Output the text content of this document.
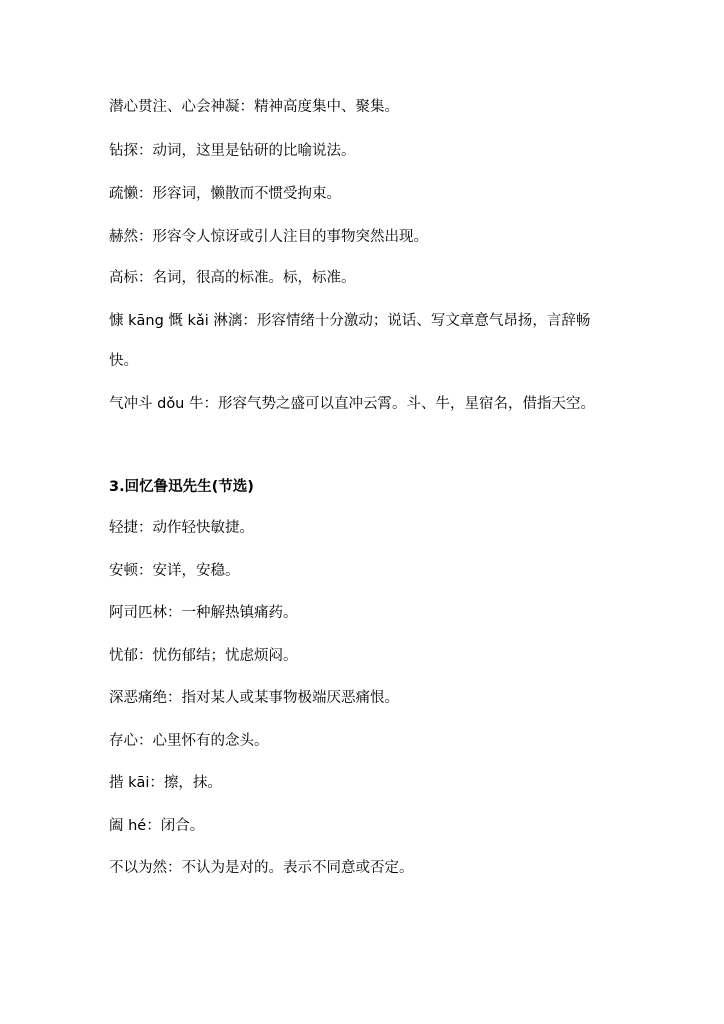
潜心贯注、心会神凝：精神高度集中、聚集。
钻探：动词，这里是钻研的比喻说法。
疏懒：形容词，懒散而不惯受拘束。
赫然：形容令人惊讶或引人注目的事物突然出现。
高标：名词，很高的标准。标，标准。
慷 kāng 慨 kǎi 淋漓：形容情绪十分激动；说话、写文章意气昂扬，言辞畅
快。
气冲斗 dǒu 牛：形容气势之盛可以直冲云霄。斗、牛，星宿名，借指天空。
3.回忆鲁迅先生(节选)
轻捷：动作轻快敏捷。
安顿：安详，安稳。
阿司匹林：一种解热镇痛药。
忧郁：忧伤郁结；忧虑烦闷。
深恶痛绝：指对某人或某事物极端厌恶痛恨。
存心：心里怀有的念头。
揩 kāi：擦，抹。
阖 hé：闭合。
不以为然：不认为是对的。表示不同意或否定。
